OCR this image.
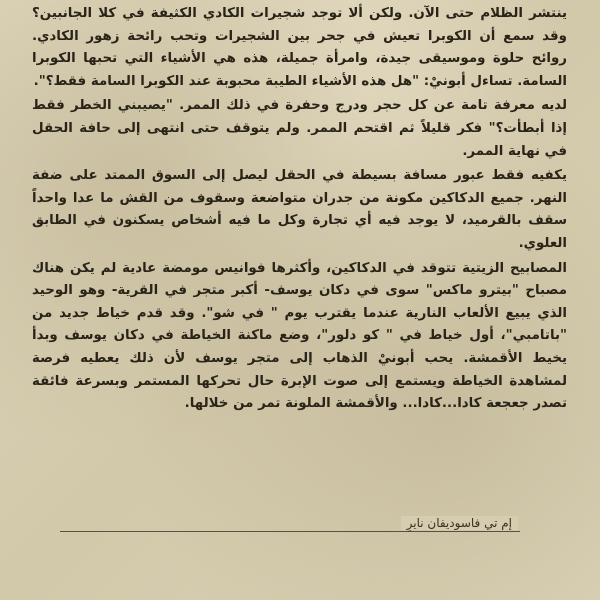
ينتشر الظلام حتى الآن. ولكن ألا توجد شجيرات الكادي الكثيفة في كلا الجانبين؟ وقد سمع أن الكوبرا تعيش في جحر بين الشجيرات وتحب رائحة زهور الكادي. روائح حلوة وموسيقى جيدة، وامرأة جميلة، هذه هي الأشياء التي تحبها الكوبرا السامة. تساءل أبونيْ: "هل هذه الأشياء الطيبة محبوبة عند الكوبرا السامة فقط؟".

لديه معرفة تامة عن كل حجر ودرج وحفرة في ذلك الممر. "يصيبني الخطر فقط إذا أبطأت؟" فكر قليلاً ثم اقتحم الممر. ولم يتوقف حتى انتهى إلى حافة الحقل في نهاية الممر.

يكفيه فقط عبور مسافة بسيطة في الحقل ليصل إلى السوق الممتد على ضفة النهر. جميع الدكاكين مكونة من جدران متواضعة وسقوف من القش ما عدا واحداً سقف بالقرميد، لا يوجد فيه أي تجارة وكل ما فيه أشخاص يسكنون في الطابق العلوي.

المصابيح الزيتية تتوقد في الدكاكين، وأكثرها فوانيس مومضة عادية لم يكن هناك مصباح "بيترو ماكس" سوى في دكان يوسف- أكبر متجر في القرية- وهو الوحيد الذي يبيع الألعاب النارية عندما يقترب يوم " في شو". وقد قدم خياط جديد من "باتامبي"، أول خياط في " كو دلور"، وضع ماكنة الخياطة في دكان يوسف وبدأ يخيط الأقمشة. يحب أبونيْ الذهاب إلى متجر يوسف لأن ذلك يعطيه فرصة لمشاهدة الخياطة ويستمع إلى صوت الإبرة حال تحركها المستمر وبسرعة فائقة تصدر جعجعة كادا...كادا... والأقمشة الملونة تمر من خلالها.

إم تي فاسوديفان نايرِ
